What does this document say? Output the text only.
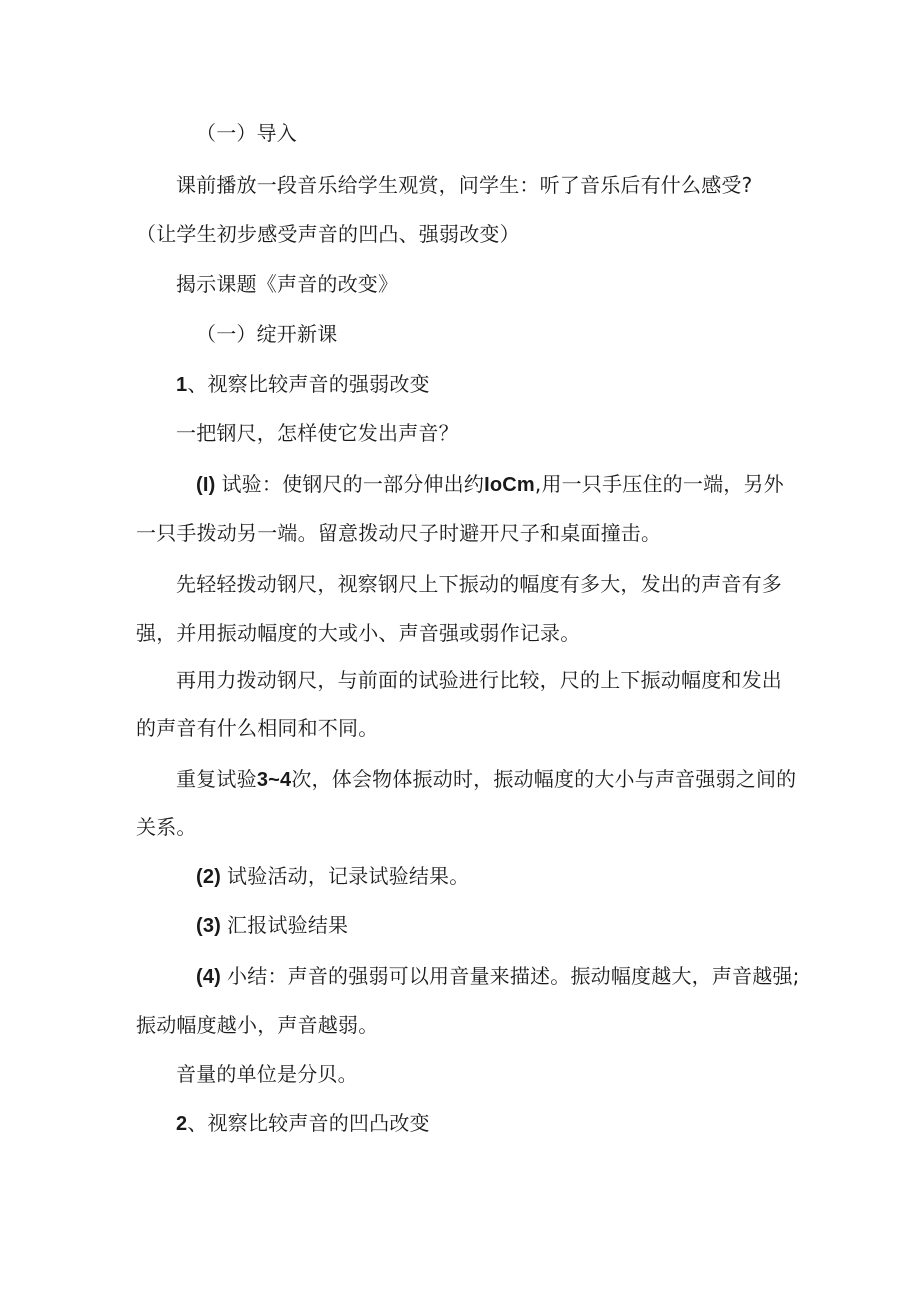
（一）导入

课前播放一段音乐给学生观赏，问学生：听了音乐后有什么感受?

（让学生初步感受声音的凹凸、强弱改变）

揭示课题《声音的改变》

（一）绽开新课

1、视察比较声音的强弱改变

一把钢尺，怎样使它发出声音？

(I) 试验：使钢尺的一部分伸出约IoCm,用一只手压住的一端，另外

一只手拨动另一端。留意拨动尺子时避开尺子和桌面撞击。

先轻轻拨动钢尺，视察钢尺上下振动的幅度有多大，发出的声音有多

强，并用振动幅度的大或小、声音强或弱作记录。

再用力拨动钢尺，与前面的试验进行比较，尺的上下振动幅度和发出

的声音有什么相同和不同。

重复试验3~4次，体会物体振动时，振动幅度的大小与声音强弱之间的

关系。

(2) 试验活动，记录试验结果。

(3) 汇报试验结果

(4) 小结：声音的强弱可以用音量来描述。振动幅度越大，声音越强;

振动幅度越小，声音越弱。

音量的单位是分贝。

2、视察比较声音的凹凸改变
